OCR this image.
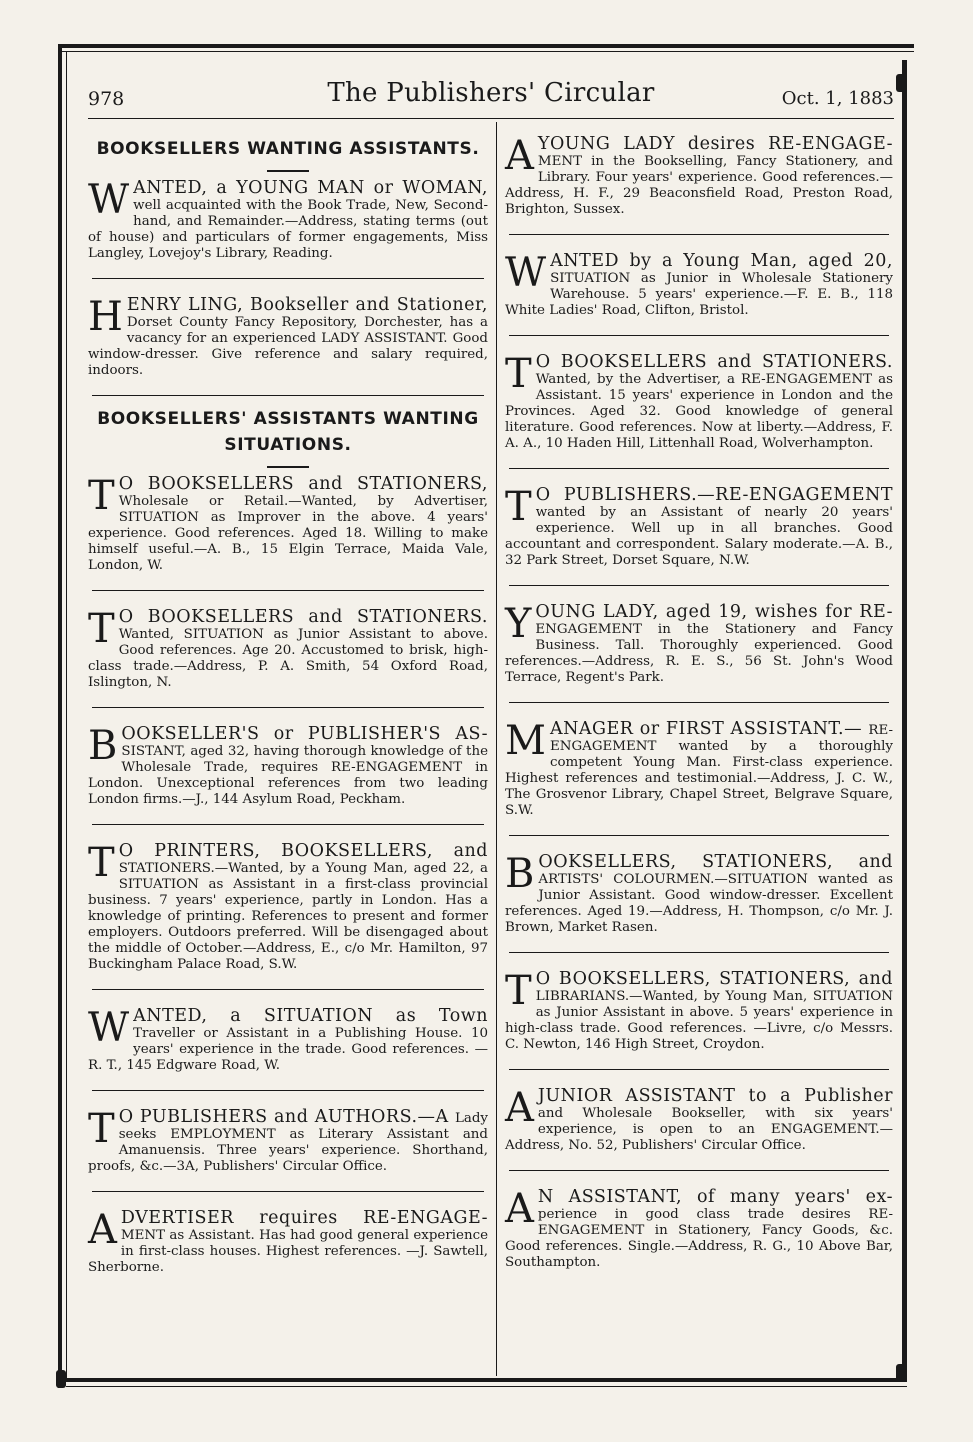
978	The Publishers' Circular	Oct. 1, 1883
BOOKSELLERS WANTING ASSISTANTS.
W ANTED, a YOUNG MAN or WOMAN, well acquainted with the Book Trade, New, Second-hand, and Remainder.—Address, stating terms (out of house) and particulars of former engagements, Miss Langley, Lovejoy's Library, Reading.
H ENRY LING, Bookseller and Stationer, Dorset County Fancy Repository, Dorchester, has a vacancy for an experienced LADY ASSISTANT. Good window-dresser. Give reference and salary required, indoors.
BOOKSELLERS' ASSISTANTS WANTING
SITUATIONS.
T O BOOKSELLERS and STATIONERS, Wholesale or Retail.—Wanted, by Advertiser, SITUATION as Improver in the above. 4 years' experience. Good references. Aged 18. Willing to make himself useful.—A. B., 15 Elgin Terrace, Maida Vale, London, W.
T O BOOKSELLERS and STATIONERS. Wanted, SITUATION as Junior Assistant to above. Good references. Age 20. Accustomed to brisk, high-class trade.—Address, P. A. Smith, 54 Oxford Road, Islington, N.
B OOKSELLER'S or PUBLISHER'S AS- SISTANT, aged 32, having thorough knowledge of the Wholesale Trade, requires RE-ENGAGEMENT in London. Unexceptional references from two leading London firms.—J., 144 Asylum Road, Peckham.
T O PRINTERS, BOOKSELLERS, and STATIONERS.—Wanted, by a Young Man, aged 22, a SITUATION as Assistant in a first-class provincial business. 7 years' experience, partly in London. Has a knowledge of printing. References to present and former employers. Outdoors preferred. Will be disengaged about the middle of October.—Address, E., c/o Mr. Hamilton, 97 Buckingham Palace Road, S.W.
W ANTED, a SITUATION as Town Traveller or Assistant in a Publishing House. 10 years' experience in the trade. Good references. —R. T., 145 Edgware Road, W.
T O PUBLISHERS and AUTHORS.—A Lady seeks EMPLOYMENT as Literary Assistant and Amanuensis. Three years' experience. Shorthand, proofs, &c.—3A, Publishers' Circular Office.
A DVERTISER requires RE-ENGAGE- MENT as Assistant. Has had good general experience in first-class houses. Highest references. —J. Sawtell, Sherborne.
A YOUNG LADY desires RE-ENGAGE- MENT in the Bookselling, Fancy Stationery, and Library. Four years' experience. Good references.—Address, H. F., 29 Beaconsfield Road, Preston Road, Brighton, Sussex.
W ANTED by a Young Man, aged 20, SITUATION as Junior in Wholesale Stationery Warehouse. 5 years' experience.—F. E. B., 118 White Ladies' Road, Clifton, Bristol.
T O BOOKSELLERS and STATIONERS. Wanted, by the Advertiser, a RE-ENGAGEMENT as Assistant. 15 years' experience in London and the Provinces. Aged 32. Good knowledge of general literature. Good references. Now at liberty.—Address, F. A. A., 10 Haden Hill, Littenhall Road, Wolverhampton.
T O PUBLISHERS.—RE-ENGAGEMENT wanted by an Assistant of nearly 20 years' experience. Well up in all branches. Good accountant and correspondent. Salary moderate.—A. B., 32 Park Street, Dorset Square, N.W.
Y OUNG LADY, aged 19, wishes for RE- ENGAGEMENT in the Stationery and Fancy Business. Tall. Thoroughly experienced. Good references.—Address, R. E. S., 56 St. John's Wood Terrace, Regent's Park.
M ANAGER or FIRST ASSISTANT.— RE-ENGAGEMENT wanted by a thoroughly competent Young Man. First-class experience. Highest references and testimonial.—Address, J. C. W., The Grosvenor Library, Chapel Street, Belgrave Square, S.W.
B OOKSELLERS, STATIONERS, and ARTISTS' COLOURMEN.—SITUATION wanted as Junior Assistant. Good window-dresser. Excellent references. Aged 19.—Address, H. Thompson, c/o Mr. J. Brown, Market Rasen.
T O BOOKSELLERS, STATIONERS, and LIBRARIANS.—Wanted, by Young Man, SITUATION as Junior Assistant in above. 5 years' experience in high-class trade. Good references. —Livre, c/o Messrs. C. Newton, 146 High Street, Croydon.
A JUNIOR ASSISTANT to a Publisher and Wholesale Bookseller, with six years' experience, is open to an ENGAGEMENT.—Address, No. 52, Publishers' Circular Office.
A N ASSISTANT, of many years' ex- perience in good class trade desires RE-ENGAGEMENT in Stationery, Fancy Goods, &c. Good references. Single.—Address, R. G., 10 Above Bar, Southampton.
